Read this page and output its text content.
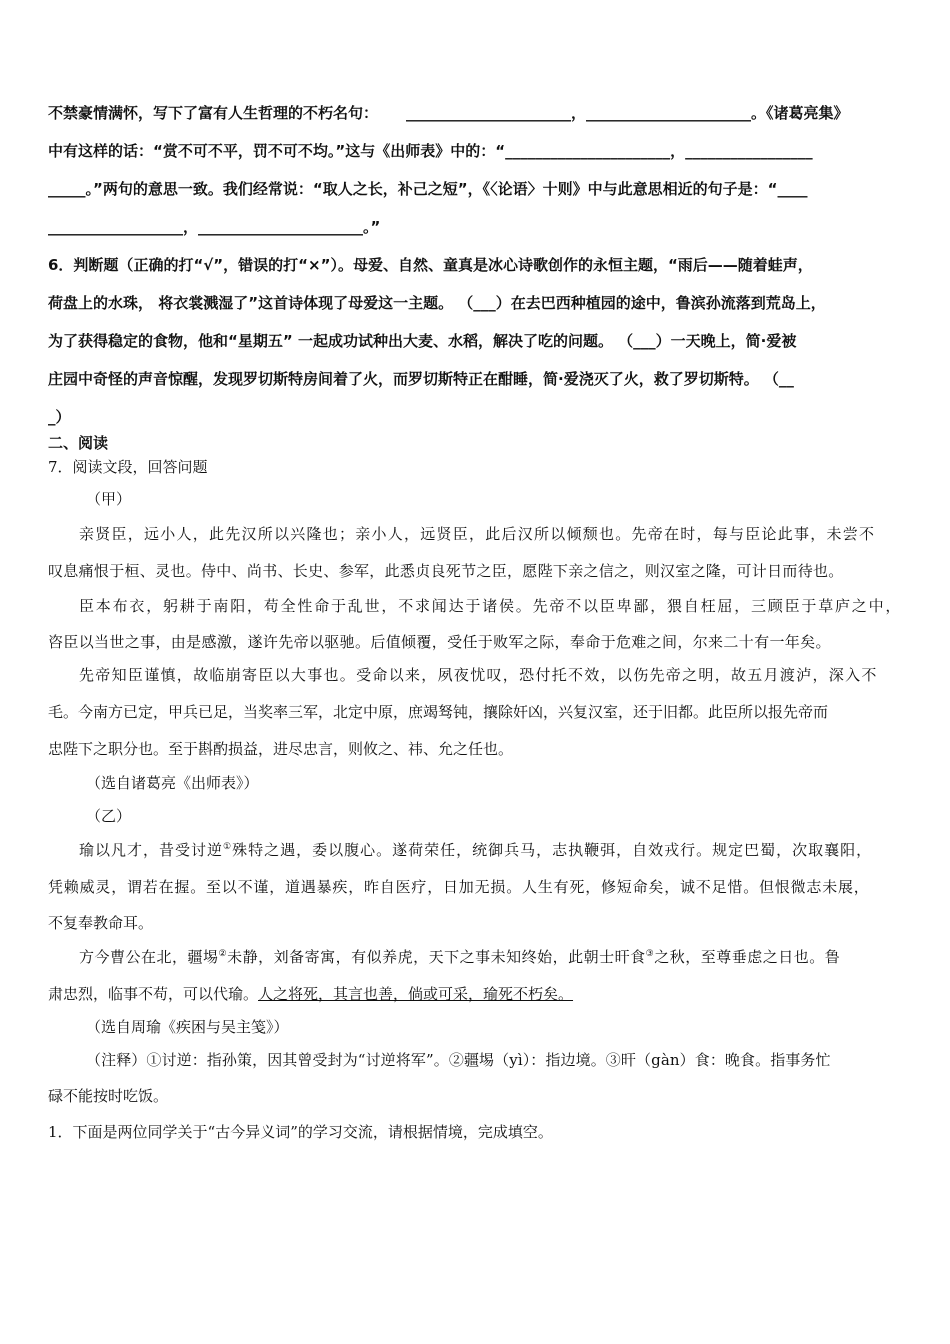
不禁豪情满怀，写下了富有人生哲理的不朽名句： ______________________，______________________。《诸葛亮集》
中有这样的话：“赏不可不平，罚不可不均。”这与《出师表》中的：“______________________，_________________
_____。”两句的意思一致。我们经常说：“取人之长，补己之短”，《〈论语〉十则》中与此意思相近的句子是：“____
__________________，______________________。”
6．判断题（正确的打“√”，错误的打“×”）。母爱、自然、童真是冰心诗歌创作的永恒主题，“雨后——随着蛙声，
荷盘上的水珠， 将衣裳溅湿了”这首诗体现了母爱这一主题。 （___）在去巴西种植园的途中，鲁滨孙流落到荒岛上，
为了获得稳定的食物，他和“星期五” 一起成功试种出大麦、水稻，解决了吃的问题。 （___）一天晚上，简·爱被
庄园中奇怪的声音惊醒，发现罗切斯特房间着了火，而罗切斯特正在酣睡，简·爱浇灭了火，救了罗切斯特。 （__
_）
二、阅读
7．阅读文段，回答问题
（甲）
亲贤臣，远小人，此先汉所以兴隆也；亲小人，远贤臣，此后汉所以倾颓也。先帝在时，每与臣论此事，未尝不
叹息痛恨于桓、灵也。侍中、尚书、长史、参军，此悉贞良死节之臣，愿陛下亲之信之，则汉室之隆，可计日而待也。
臣本布衣，躬耕于南阳，苟全性命于乱世，不求闻达于诸侯。先帝不以臣卑鄙，猥自枉屈，三顾臣于草庐之中，
咨臣以当世之事，由是感激，遂许先帝以驱驰。后值倾覆，受任于败军之际，奉命于危难之间，尔来二十有一年矣。
先帝知臣谨慎，故临崩寄臣以大事也。受命以来，夙夜忧叹，恐付托不效，以伤先帝之明，故五月渡泸，深入不
毛。今南方已定，甲兵已足，当奖率三军，北定中原，庶竭驽钝，攘除奸凶，兴复汉室，还于旧都。此臣所以报先帝而
忠陛下之职分也。至于斟酌损益，进尽忠言，则攸之、祎、允之任也。
（选自诸葛亮《出师表》）
（乙）
瑜以凡才，昔受讨逆①殊特之遇，委以腹心。遂荷荣任，统御兵马，志执鞭弭，自效戎行。规定巴蜀，次取襄阳，
凭赖威灵，谓若在握。至以不谨，道遇暴疾，昨自医疗，日加无损。人生有死，修短命矣，诚不足惜。但恨微志未展，
不复奉教命耳。
方今曹公在北，疆埸②未静，刘备寄寓，有似养虎，天下之事未知终始，此朝士旰食③之秋，至尊垂虑之日也。鲁
肃忠烈，临事不苟，可以代瑜。人之将死，其言也善，倘或可采，瑜死不朽矣。
（选自周瑜《疾困与吴主笺》）
（注释）①讨逆：指孙策，因其曾受封为“讨逆将军”。②疆埸（yì）：指边境。③旰（gàn）食：晚食。指事务忙
碌不能按时吃饭。
1．下面是两位同学关于“古今异义词”的学习交流，请根据情境，完成填空。
